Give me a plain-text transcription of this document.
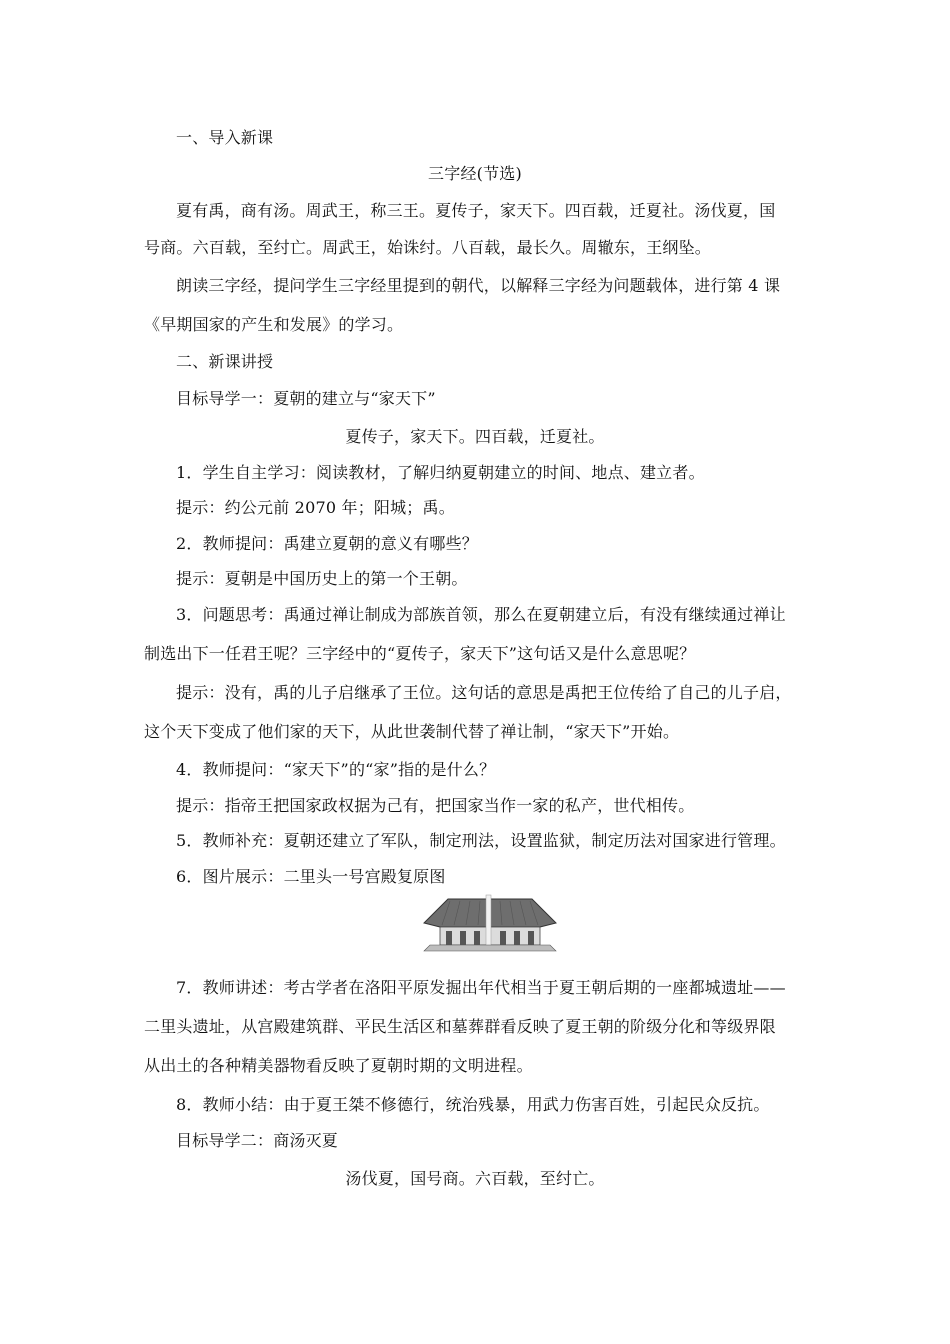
一、导入新课
三字经(节选)
夏有禹，商有汤。周武王，称三王。夏传子，家天下。四百载，迁夏社。汤伐夏，国
号商。六百载，至纣亡。周武王，始诛纣。八百载，最长久。周辙东，王纲坠。
朗读三字经，提问学生三字经里提到的朝代，以解释三字经为问题载体，进行第 4 课
《早期国家的产生和发展》的学习。
二、新课讲授
目标导学一：夏朝的建立与“家天下”
夏传子，家天下。四百载，迁夏社。
1．学生自主学习：阅读教材，了解归纳夏朝建立的时间、地点、建立者。
提示：约公元前 2070 年；阳城；禹。
2．教师提问：禹建立夏朝的意义有哪些？
提示：夏朝是中国历史上的第一个王朝。
3．问题思考：禹通过禅让制成为部族首领，那么在夏朝建立后，有没有继续通过禅让
制选出下一任君王呢？三字经中的“夏传子，家天下”这句话又是什么意思呢？
提示：没有，禹的儿子启继承了王位。这句话的意思是禹把王位传给了自己的儿子启，
这个天下变成了他们家的天下，从此世袭制代替了禅让制，“家天下”开始。
4．教师提问：“家天下”的“家”指的是什么？
提示：指帝王把国家政权据为己有，把国家当作一家的私产，世代相传。
5．教师补充：夏朝还建立了军队，制定刑法，设置监狱，制定历法对国家进行管理。
6．图片展示：二里头一号宫殿复原图
7．教师讲述：考古学者在洛阳平原发掘出年代相当于夏王朝后期的一座都城遗址——
二里头遗址，从宫殿建筑群、平民生活区和墓葬群看反映了夏王朝的阶级分化和等级界限
从出土的各种精美器物看反映了夏朝时期的文明进程。
8．教师小结：由于夏王桀不修德行，统治残暴，用武力伤害百姓，引起民众反抗。
目标导学二：商汤灭夏
汤伐夏，国号商。六百载，至纣亡。
